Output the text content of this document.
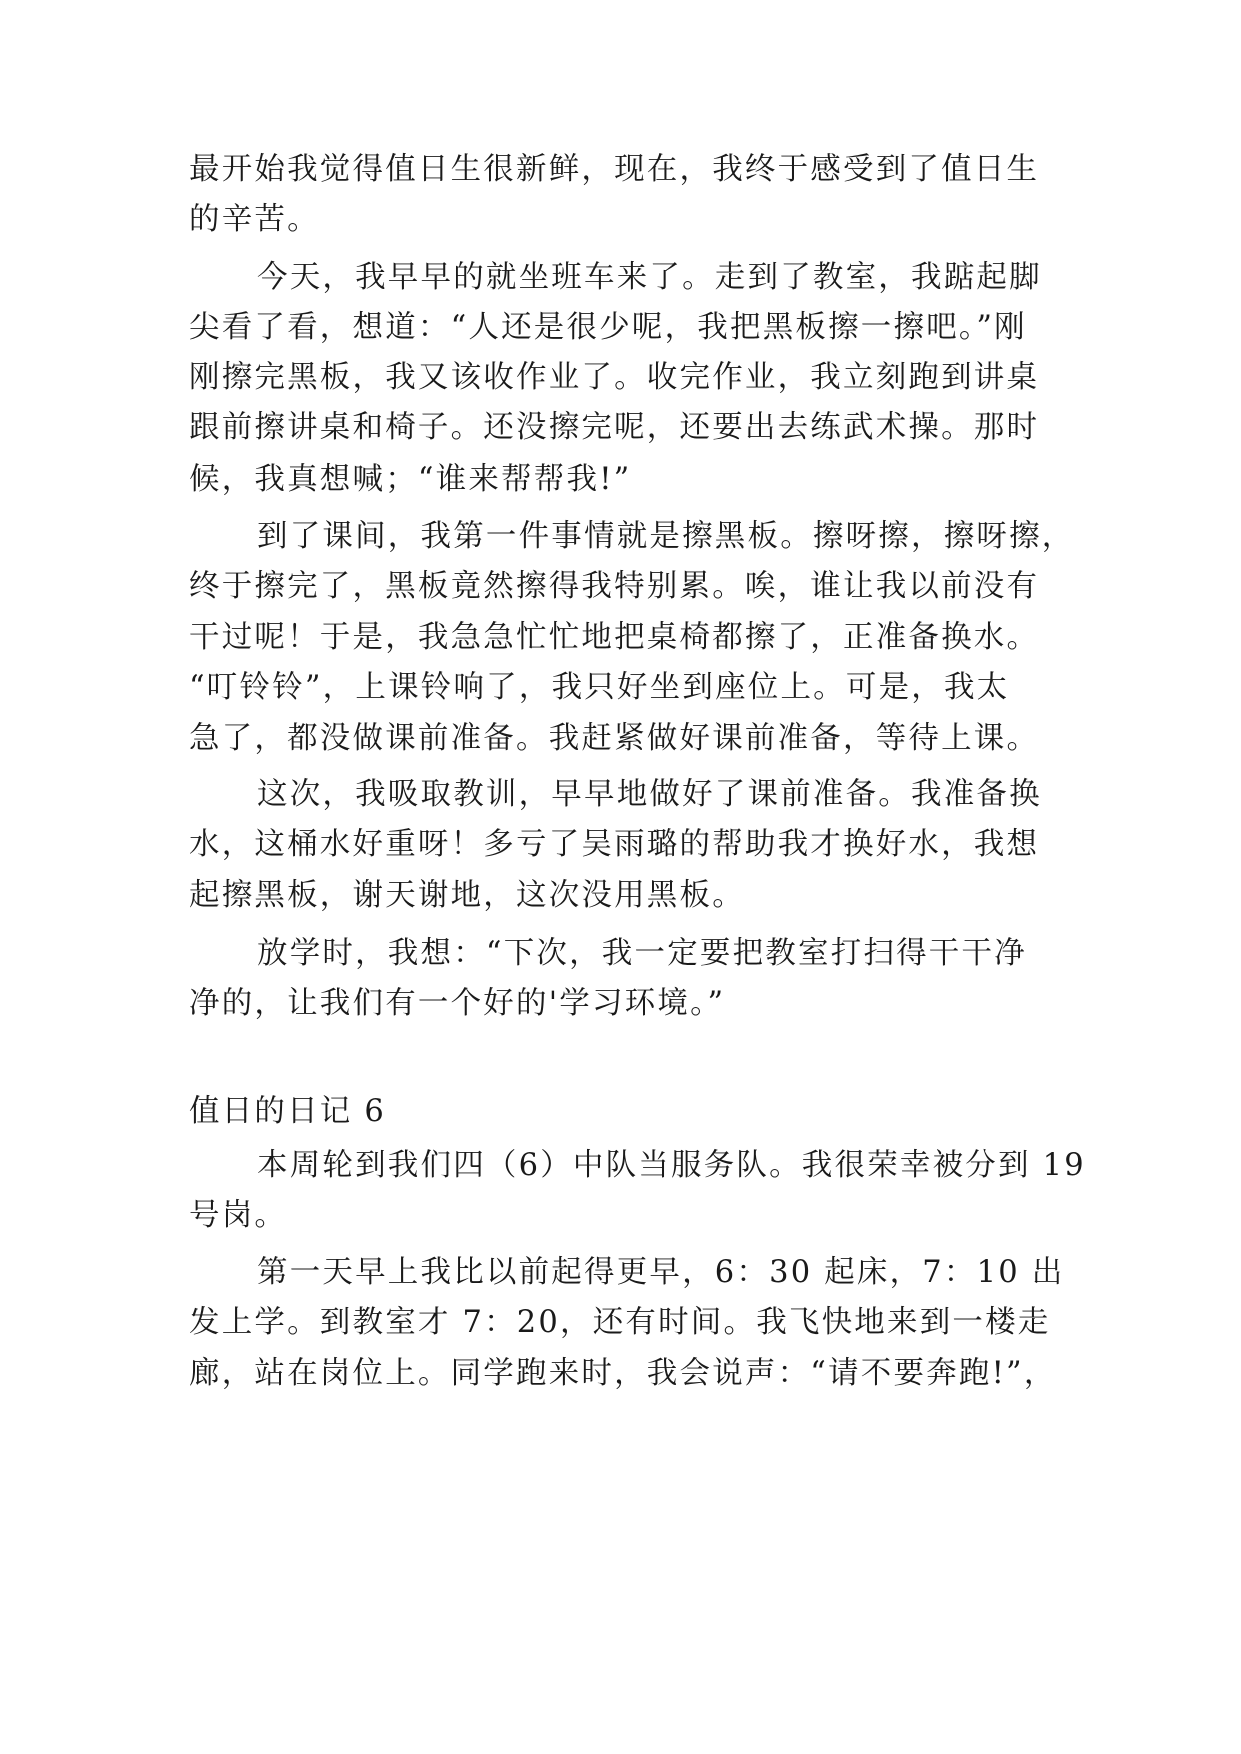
最开始我觉得值日生很新鲜，现在，我终于感受到了值日生
的辛苦。
今天，我早早的就坐班车来了。走到了教室，我踮起脚
尖看了看，想道：“人还是很少呢，我把黑板擦一擦吧。”刚
刚擦完黑板，我又该收作业了。收完作业，我立刻跑到讲桌
跟前擦讲桌和椅子。还没擦完呢，还要出去练武术操。那时
候，我真想喊；“谁来帮帮我!”
到了课间，我第一件事情就是擦黑板。擦呀擦，擦呀擦，
终于擦完了，黑板竟然擦得我特别累。唉，谁让我以前没有
干过呢！于是，我急急忙忙地把桌椅都擦了，正准备换水。
“叮铃铃”，上课铃响了，我只好坐到座位上。可是，我太
急了，都没做课前准备。我赶紧做好课前准备，等待上课。
这次，我吸取教训，早早地做好了课前准备。我准备换
水，这桶水好重呀！多亏了吴雨璐的帮助我才换好水，我想
起擦黑板，谢天谢地，这次没用黑板。
放学时，我想：“下次，我一定要把教室打扫得干干净
净的，让我们有一个好的'学习环境。”
值日的日记 6
本周轮到我们四（6）中队当服务队。我很荣幸被分到 19
号岗。
第一天早上我比以前起得更早，6：30 起床，7：10 出
发上学。到教室才 7：20，还有时间。我飞快地来到一楼走
廊，站在岗位上。同学跑来时，我会说声：“请不要奔跑!”，
